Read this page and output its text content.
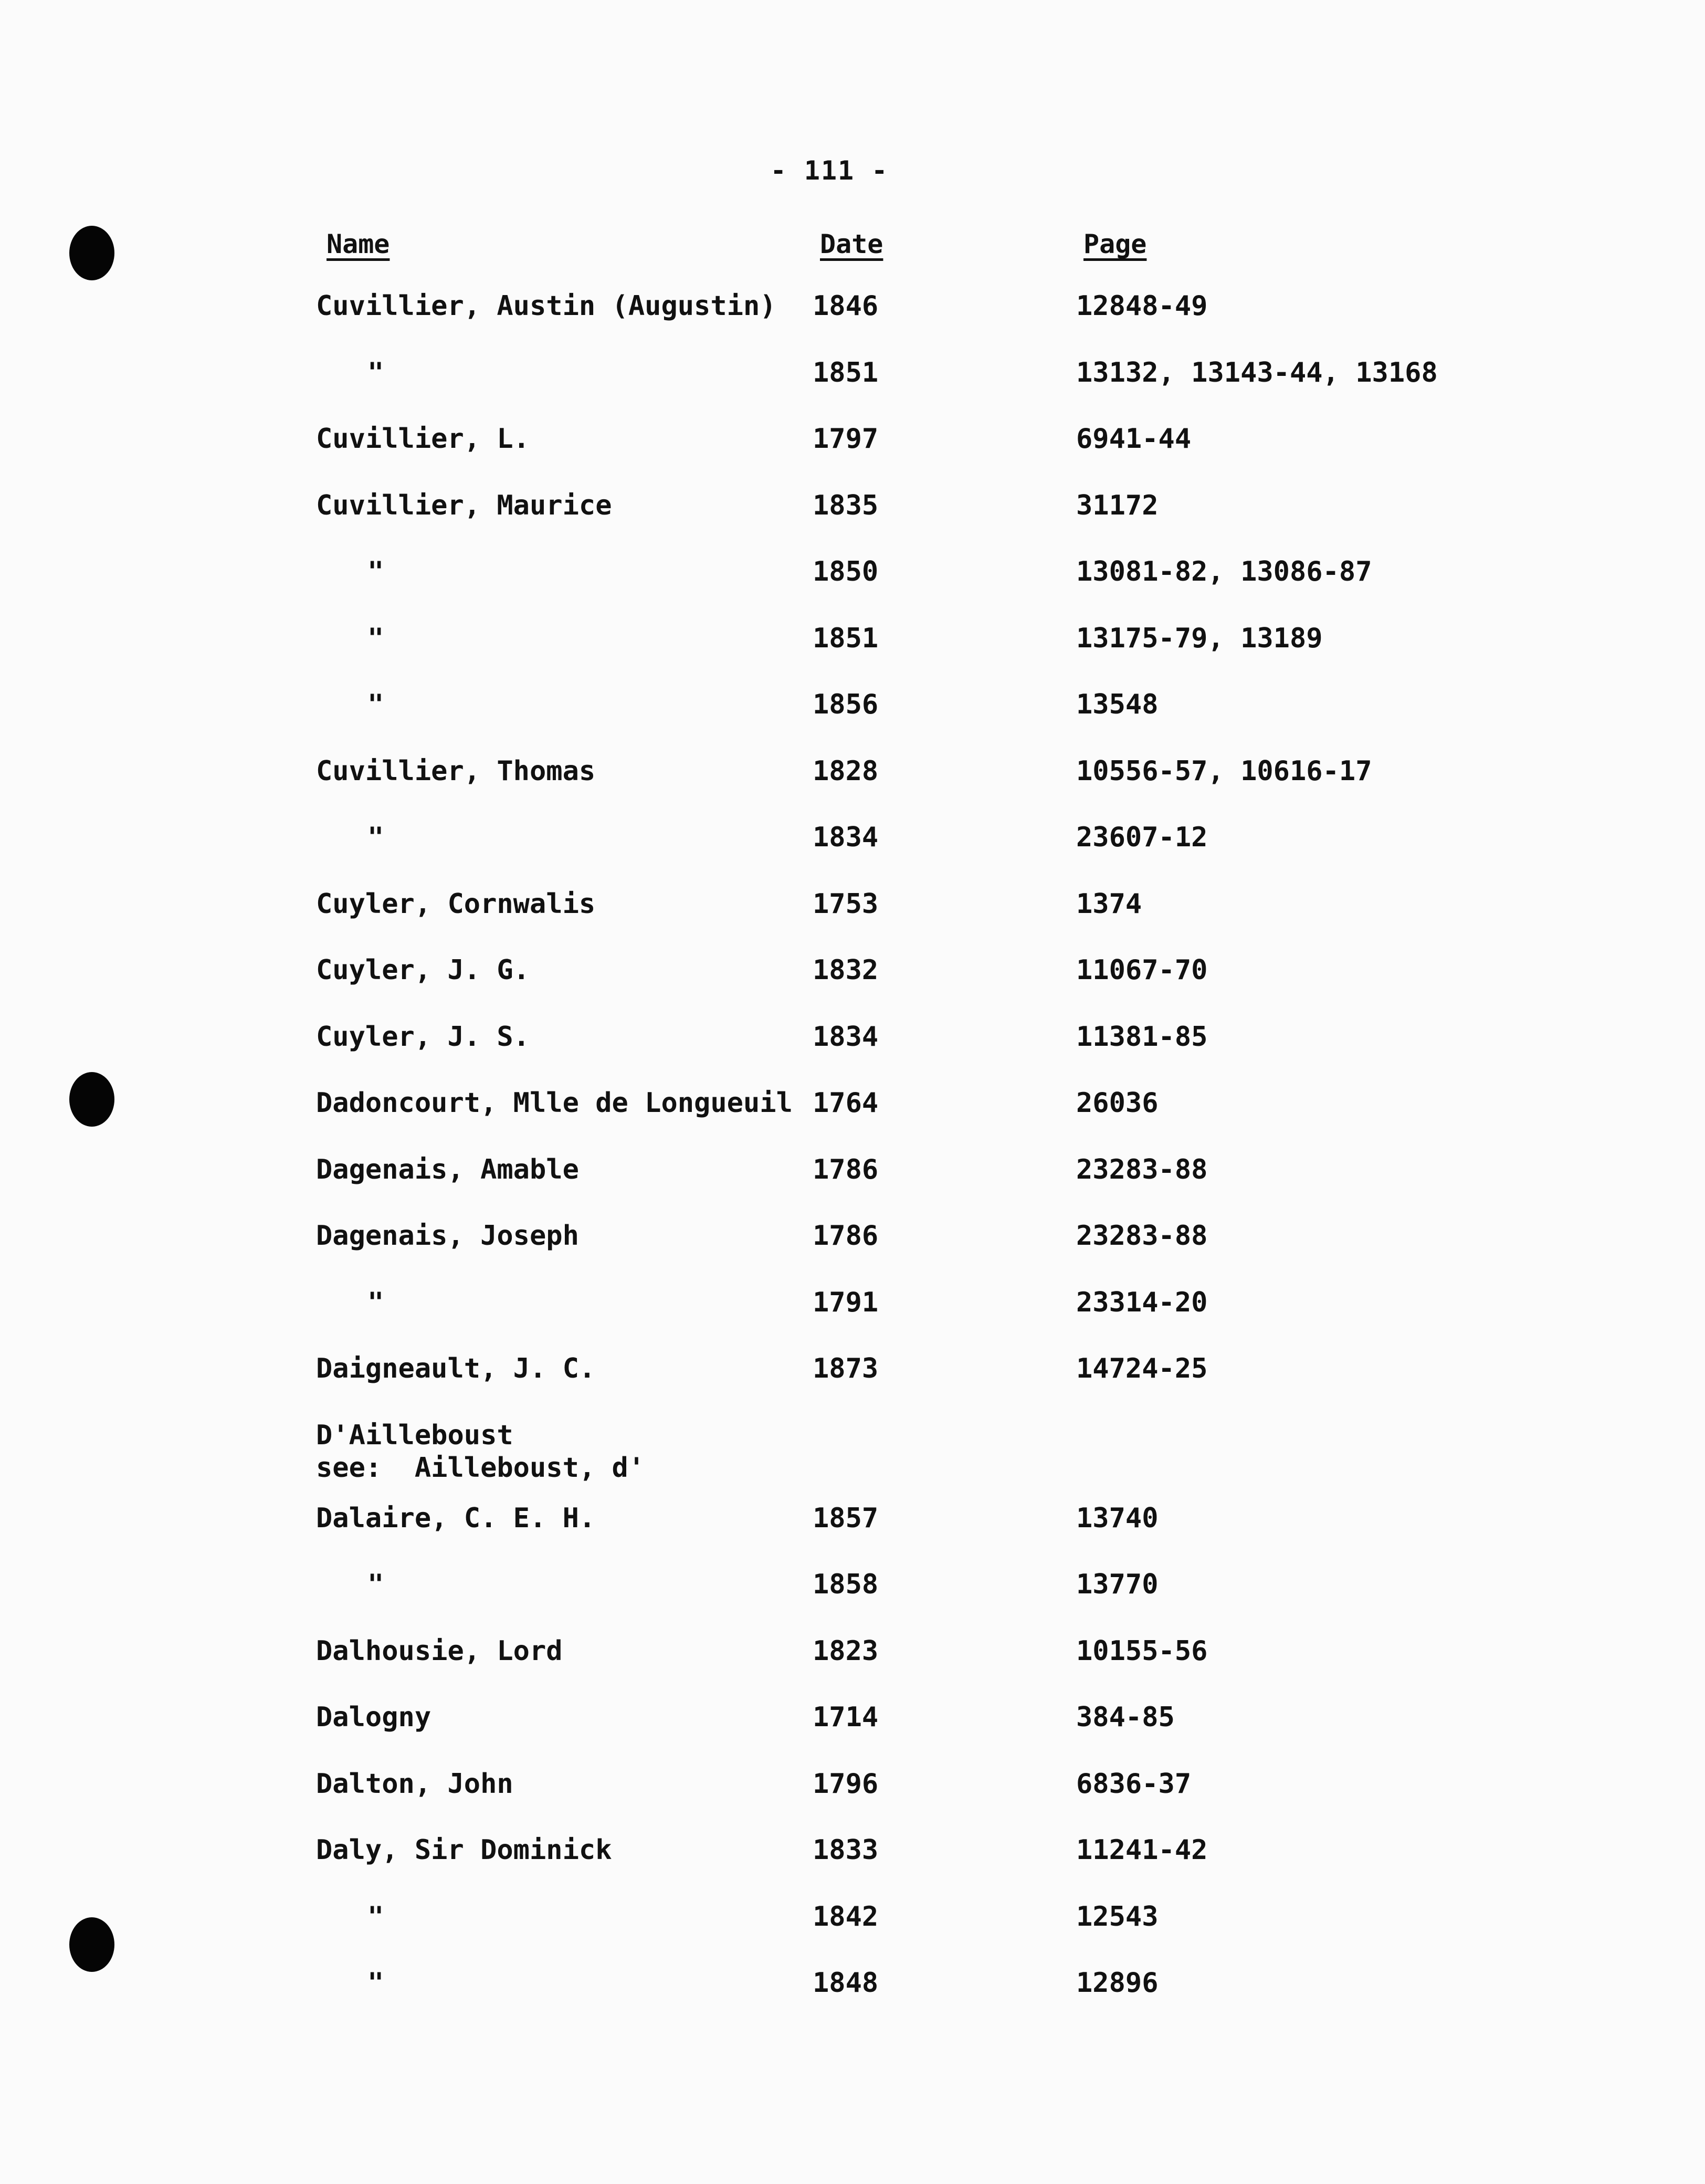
- 111 -
Name	Date	Page
Cuvillier, Austin (Augustin)	1846	12848-49
"	1851	13132, 13143-44, 13168
Cuvillier, L.	1797	6941-44
Cuvillier, Maurice	1835	31172
"	1850	13081-82, 13086-87
"	1851	13175-79, 13189
"	1856	13548
Cuvillier, Thomas	1828	10556-57, 10616-17
"	1834	23607-12
Cuyler, Cornwalis	1753	1374
Cuyler, J. G.	1832	11067-70
Cuyler, J. S.	1834	11381-85
Dadoncourt, Mlle de Longueuil 1764	26036
Dagenais, Amable	1786	23283-88
Dagenais, Joseph	1786	23283-88
"	1791	23314-20
Daigneault, J. C.	1873	14724-25
D'Ailleboust
see:  Ailleboust, d'
Dalaire, C. E. H.	1857	13740
"	1858	13770
Dalhousie, Lord	1823	10155-56
Dalogny	1714	384-85
Dalton, John	1796	6836-37
Daly, Sir Dominick	1833	11241-42
"	1842	12543
"	1848	12896
